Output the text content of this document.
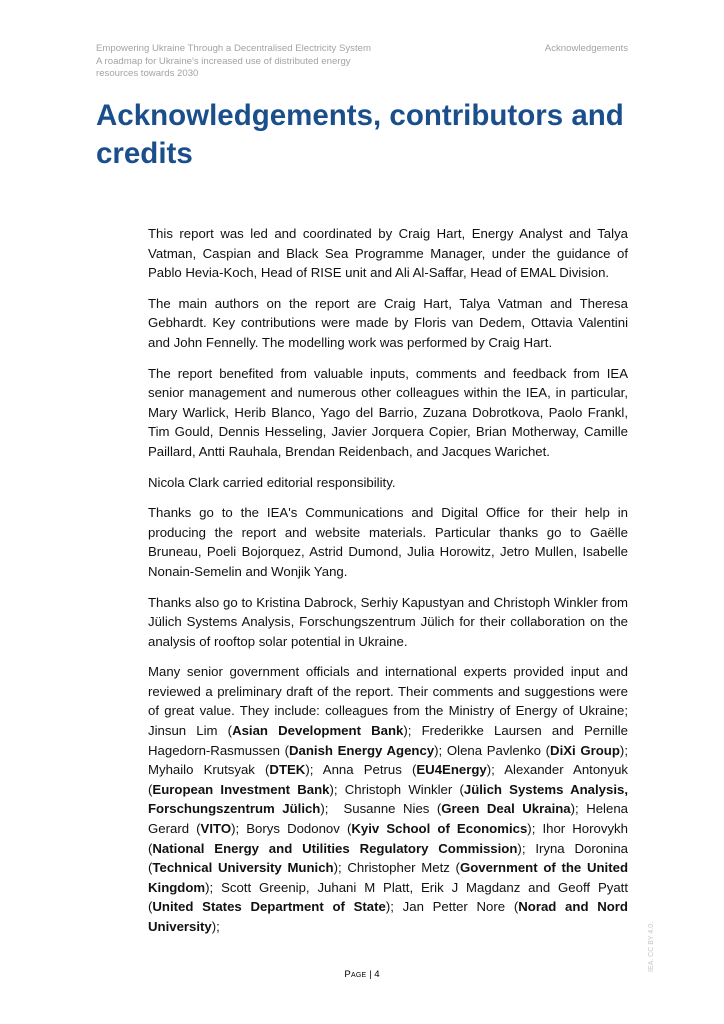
Empowering Ukraine Through a Decentralised Electricity System
A roadmap for Ukraine's increased use of distributed energy
resources towards 2030
Acknowledgements
Acknowledgements, contributors and credits

This report was led and coordinated by Craig Hart, Energy Analyst and Talya Vatman, Caspian and Black Sea Programme Manager, under the guidance of Pablo Hevia-Koch, Head of RISE unit and Ali Al-Saffar, Head of EMAL Division.

The main authors on the report are Craig Hart, Talya Vatman and Theresa Gebhardt. Key contributions were made by Floris van Dedem, Ottavia Valentini and John Fennelly. The modelling work was performed by Craig Hart.

The report benefited from valuable inputs, comments and feedback from IEA senior management and numerous other colleagues within the IEA, in particular, Mary Warlick, Herib Blanco, Yago del Barrio, Zuzana Dobrotkova, Paolo Frankl, Tim Gould, Dennis Hesseling, Javier Jorquera Copier, Brian Motherway, Camille Paillard, Antti Rauhala, Brendan Reidenbach, and Jacques Warichet.

Nicola Clark carried editorial responsibility.

Thanks go to the IEA's Communications and Digital Office for their help in producing the report and website materials. Particular thanks go to Gaëlle Bruneau, Poeli Bojorquez, Astrid Dumond, Julia Horowitz, Jetro Mullen, Isabelle Nonain-Semelin and Wonjik Yang.

Thanks also go to Kristina Dabrock, Serhiy Kapustyan and Christoph Winkler from Jülich Systems Analysis, Forschungszentrum Jülich for their collaboration on the analysis of rooftop solar potential in Ukraine.

Many senior government officials and international experts provided input and reviewed a preliminary draft of the report. Their comments and suggestions were of great value. They include: colleagues from the Ministry of Energy of Ukraine; Jinsun Lim (Asian Development Bank); Frederikke Laursen and Pernille Hagedorn-Rasmussen (Danish Energy Agency); Olena Pavlenko (DiXi Group); Myhailo Krutsyak (DTEK); Anna Petrus (EU4Energy); Alexander Antonyuk (European Investment Bank); Christoph Winkler (Jülich Systems Analysis, Forschungszentrum Jülich);  Susanne Nies (Green Deal Ukraina); Helena Gerard (VITO); Borys Dodonov (Kyiv School of Economics); Ihor Horovykh (National Energy and Utilities Regulatory Commission); Iryna Doronina (Technical University Munich); Christopher Metz (Government of the United Kingdom); Scott Greenip, Juhani M Platt, Erik J Magdanz and Geoff Pyatt (United States Department of State); Jan Petter Nore (Norad and Nord University);

Page | 4
IEA. CC BY 4.0.
